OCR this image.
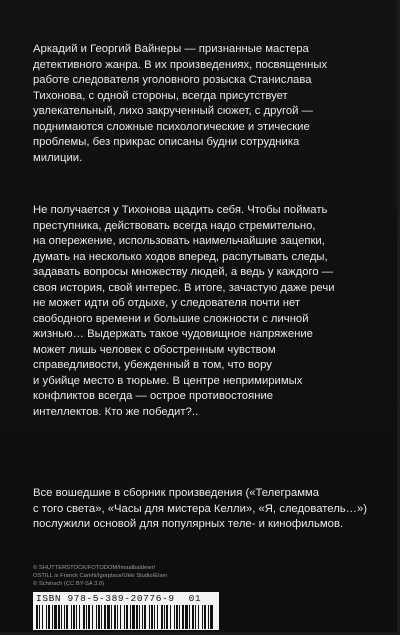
Аркадий и Георгий Вайнеры — признанные мастера
детективного жанра. В их произведениях, посвященных
работе следователя уголовного розыска Станислава
Тихонова, с одной стороны, всегда присутствует
увлекательный, лихо закрученный сюжет, с другой —
поднимаются сложные психологические и этические
проблемы, без прикрас описаны будни сотрудника
милиции.

Не получается у Тихонова щадить себя. Чтобы поймать
преступника, действовать всегда надо стремительно,
на опережение, использовать наимельчайшие зацепки,
думать на несколько ходов вперед, распутывать следы,
задавать вопросы множеству людей, а ведь у каждого —
своя история, свой интерес. В итоге, зачастую даже речи
не может идти об отдыхе, у следователя почти нет
свободного времени и большие сложности с личной
жизнью… Выдержать такое чудовищное напряжение
может лишь человек с обостренным чувством
справедливости, убежденный в том, что вору
и убийце место в тюрьме. В центре непримиримых
конфликтов всегда — острое противостояние
интеллектов. Кто же победит?..

Все вошедшие в сборник произведения («Телеграмма
с того света», «Часы для мистера Келли», «Я, следователь…»)
послужили основой для популярных теле- и кинофильмов.

© SHUTTERSTOCK/FOTODOM/Imaalbaldeier/
OSTILL is Franck Camhi/Igorplace/Ukki Studio/Eiser
© Schinsch (CC BY-SA 3.0)
ISBN 978-5-389-20776-9 01
